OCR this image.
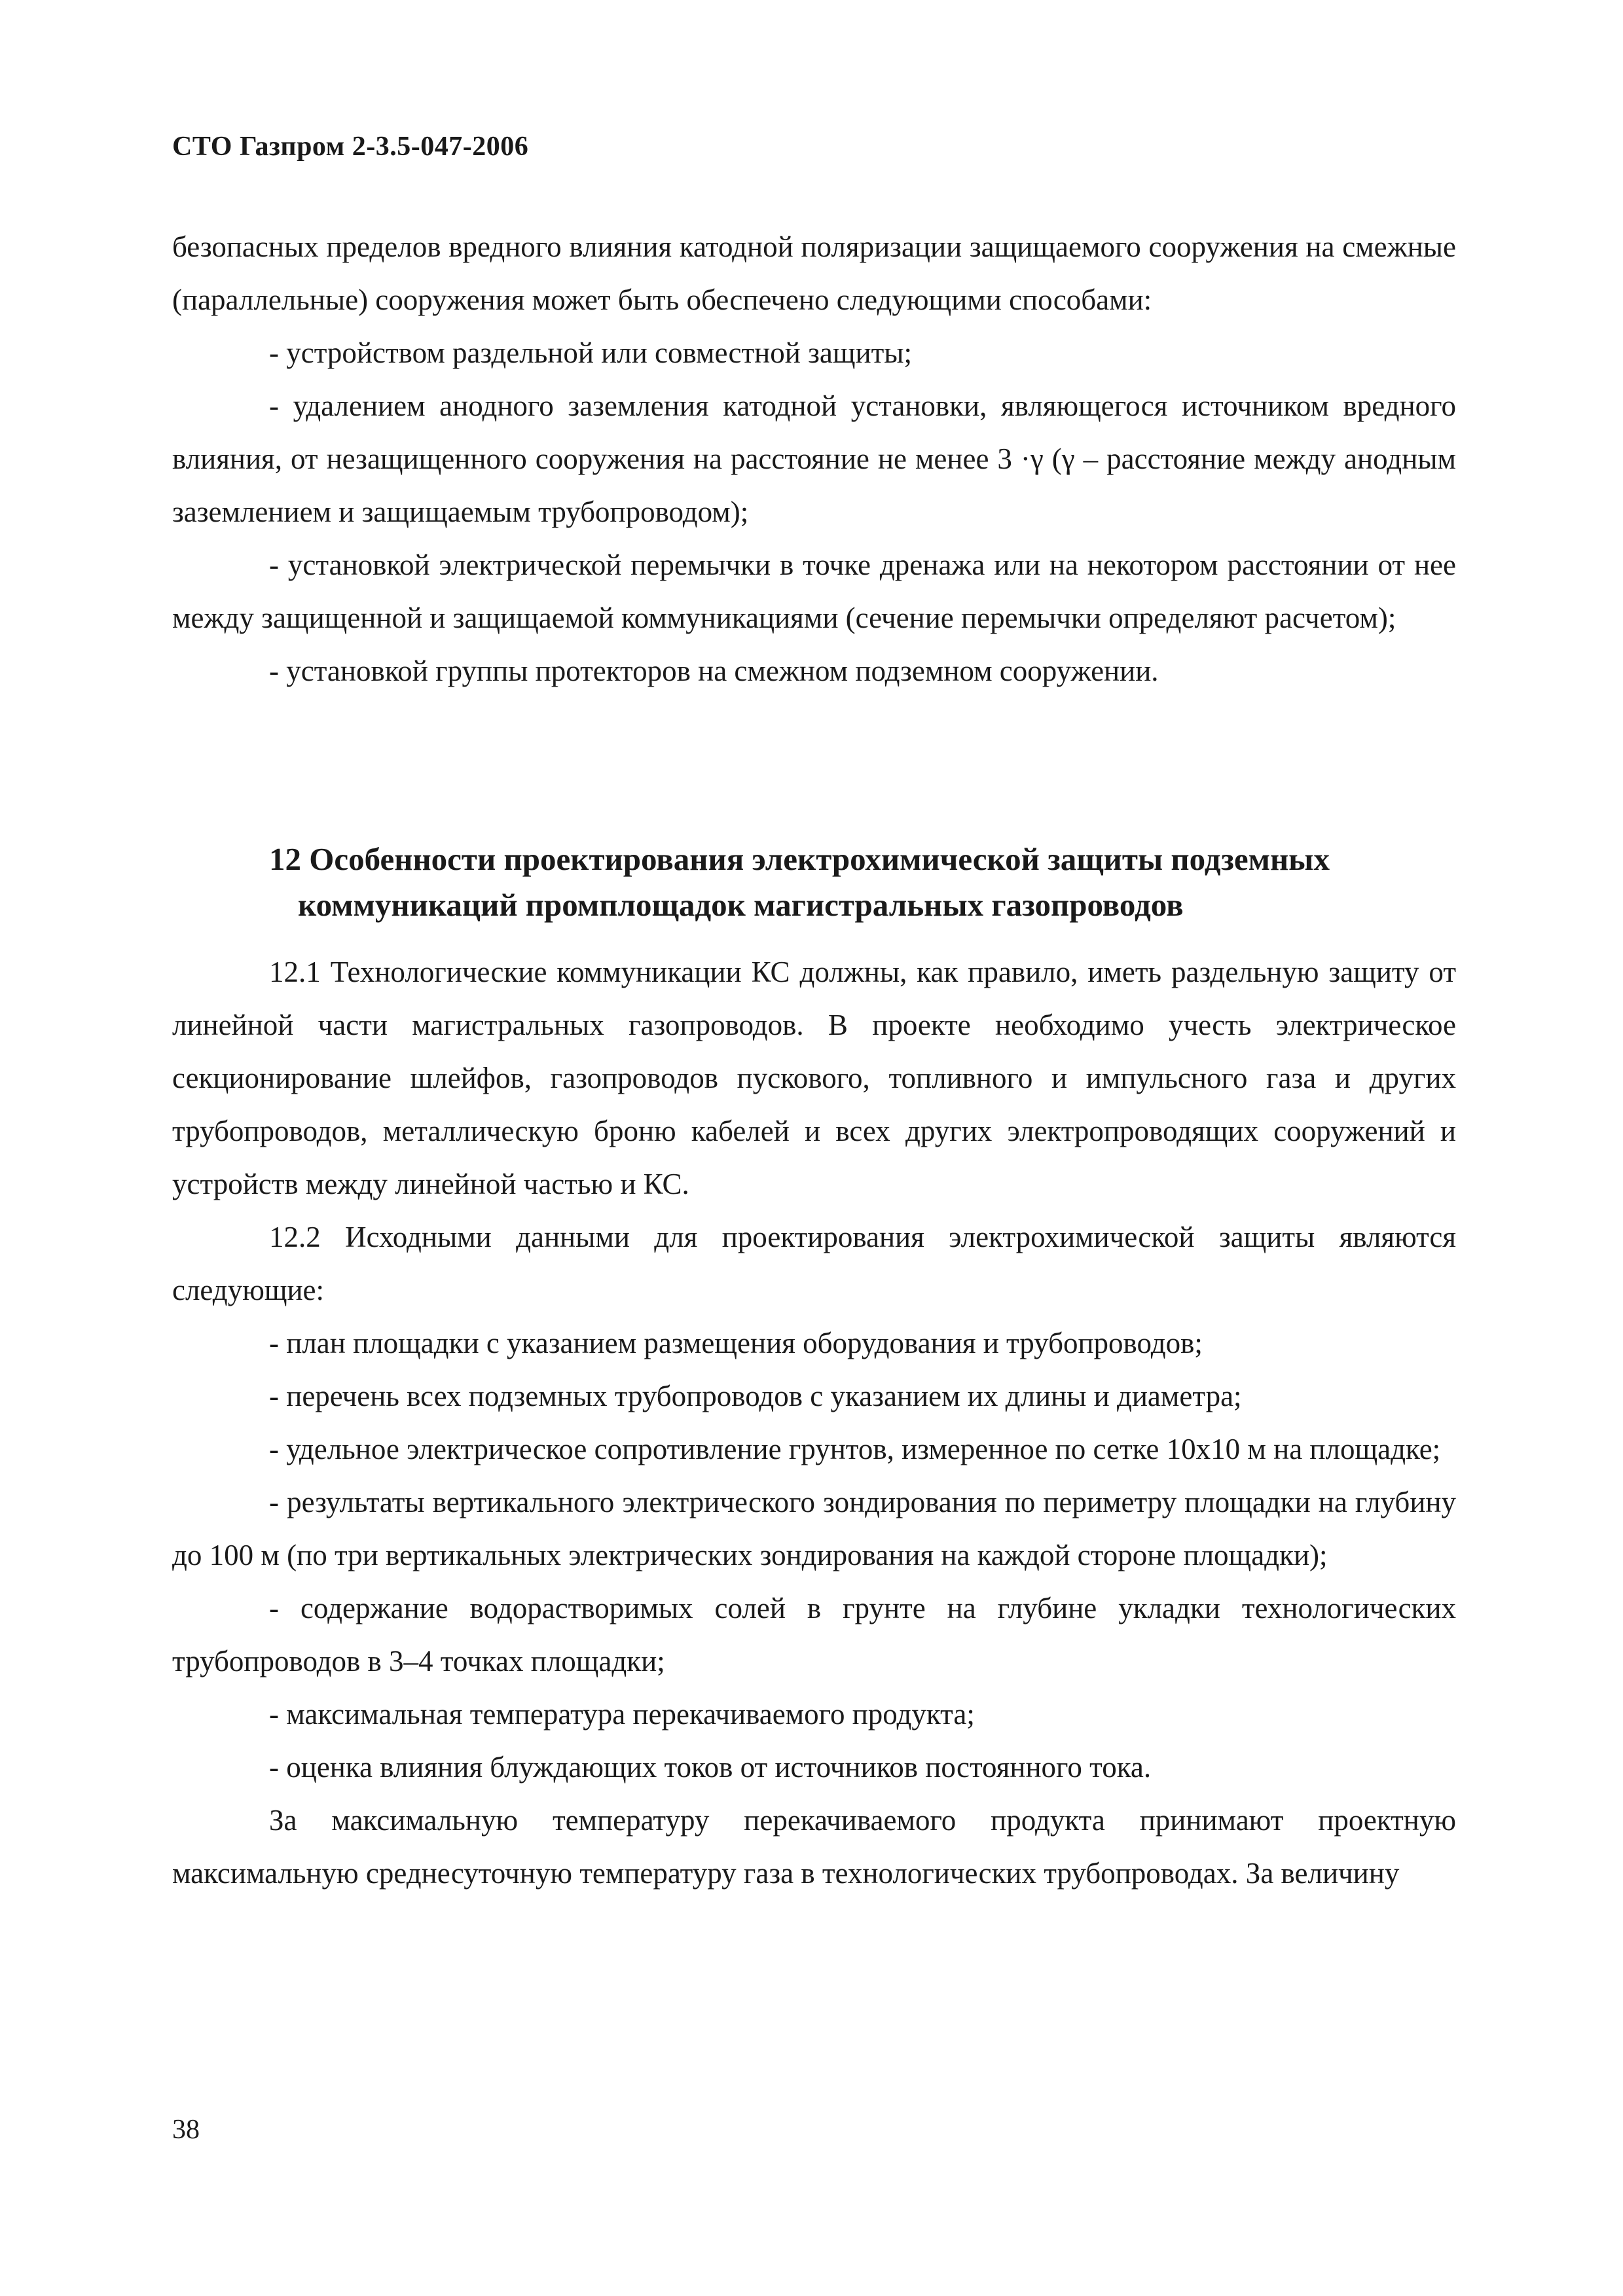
СТО Газпром 2-3.5-047-2006

безопасных пределов вредного влияния катодной поляризации защищаемого сооружения на смежные (параллельные) сооружения может быть обеспечено следующими способами:

- устройством раздельной или совместной защиты;

- удалением анодного заземления катодной установки, являющегося источником вредного влияния, от незащищенного сооружения на расстояние не менее 3 ·γ (γ – расстояние между анодным заземлением и защищаемым трубопроводом);

- установкой электрической перемычки в точке дренажа или на некотором расстоянии от нее между защищенной и защищаемой коммуникациями (сечение перемычки определяют расчетом);

- установкой группы протекторов на смежном подземном сооружении.

12 Особенности проектирования электрохимической защиты подземных
коммуникаций промплощадок магистральных газопроводов

12.1 Технологические коммуникации КС должны, как правило, иметь раздельную защиту от линейной части магистральных газопроводов. В проекте необходимо учесть электрическое секционирование шлейфов, газопроводов пускового, топливного и импульсного газа и других трубопроводов, металлическую броню кабелей и всех других электропроводящих сооружений и устройств между линейной частью и КС.

12.2 Исходными данными для проектирования электрохимической защиты являются следующие:

- план площадки с указанием размещения оборудования и трубопроводов;

- перечень всех подземных трубопроводов с указанием их длины и диаметра;

- удельное электрическое сопротивление грунтов, измеренное по сетке 10х10 м на площадке;

- результаты вертикального электрического зондирования по периметру площадки на глубину до 100 м (по три вертикальных электрических зондирования на каждой стороне площадки);

- содержание водорастворимых солей в грунте на глубине укладки технологических трубопроводов в 3–4 точках площадки;

- максимальная температура перекачиваемого продукта;

- оценка влияния блуждающих токов от источников постоянного тока.

За максимальную температуру перекачиваемого продукта принимают проектную максимальную среднесуточную температуру газа в технологических трубопроводах. За величину

38
